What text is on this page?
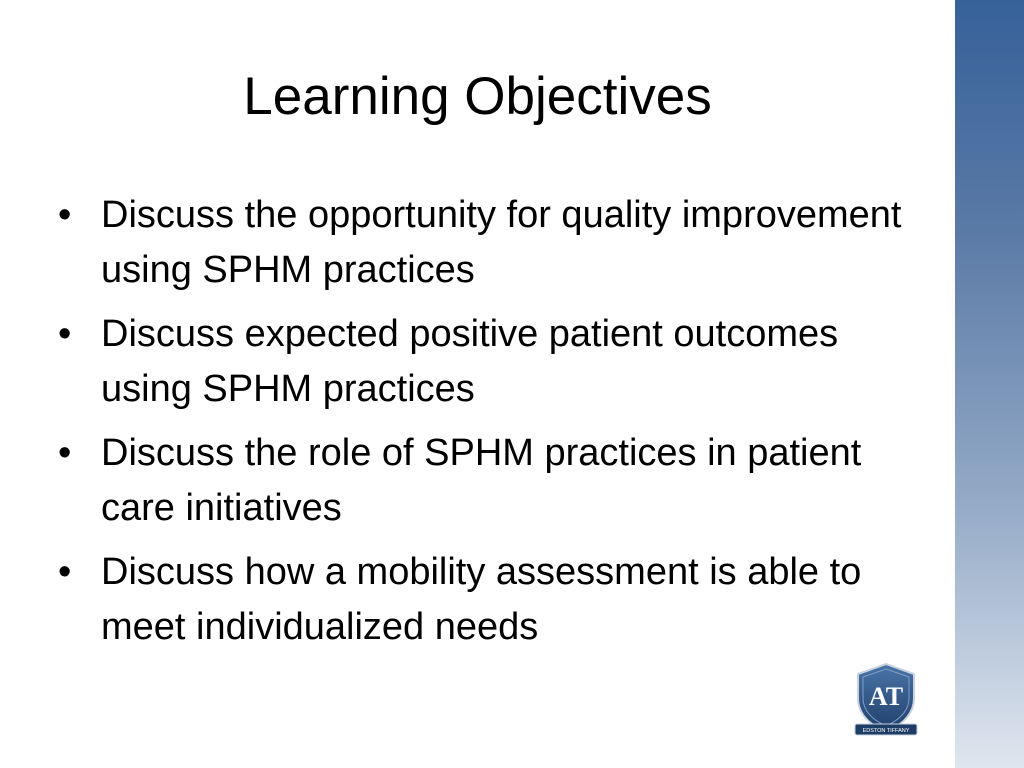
Learning Objectives
• Discuss the opportunity for quality improvement using SPHM practices
• Discuss expected positive patient outcomes using SPHM practices
• Discuss the role of SPHM practices in patient care initiatives
• Discuss how a mobility assessment is able to meet individualized needs
AT
EDSTON TIFFANY
